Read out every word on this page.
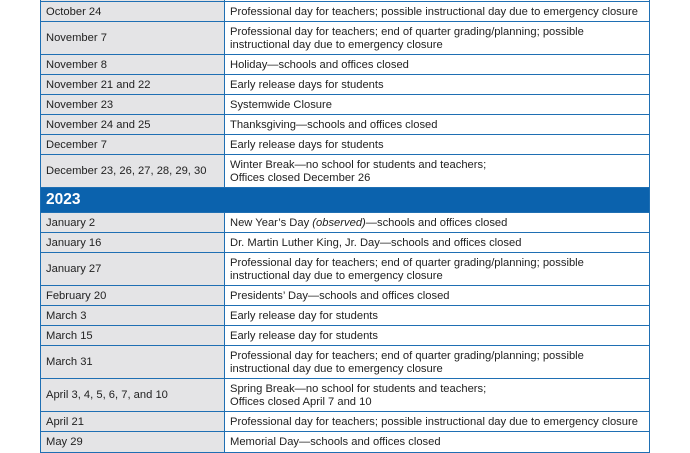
October 24	Professional day for teachers; possible instructional day due to emergency closure
November 7	Professional day for teachers; end of quarter grading/planning; possible instructional day due to emergency closure
November 8	Holiday—schools and offices closed
November 21 and 22	Early release days for students
November 23	Systemwide Closure
November 24 and 25	Thanksgiving—schools and offices closed
December 7	Early release days for students
December 23, 26, 27, 28, 29, 30	Winter Break—no school for students and teachers;
Offices closed December 26
2023	
January 2	New Year’s Day (observed)—schools and offices closed
January 16	Dr. Martin Luther King, Jr. Day—schools and offices closed
January 27	Professional day for teachers; end of quarter grading/planning; possible instructional day due to emergency closure
February 20	Presidents’ Day—schools and offices closed
March 3	Early release day for students
March 15	Early release day for students
March 31	Professional day for teachers; end of quarter grading/planning; possible instructional day due to emergency closure
April 3, 4, 5, 6, 7, and 10	Spring Break—no school for students and teachers;
Offices closed April 7 and 10
April 21	Professional day for teachers; possible instructional day due to emergency closure
May 29	Memorial Day—schools and offices closed
